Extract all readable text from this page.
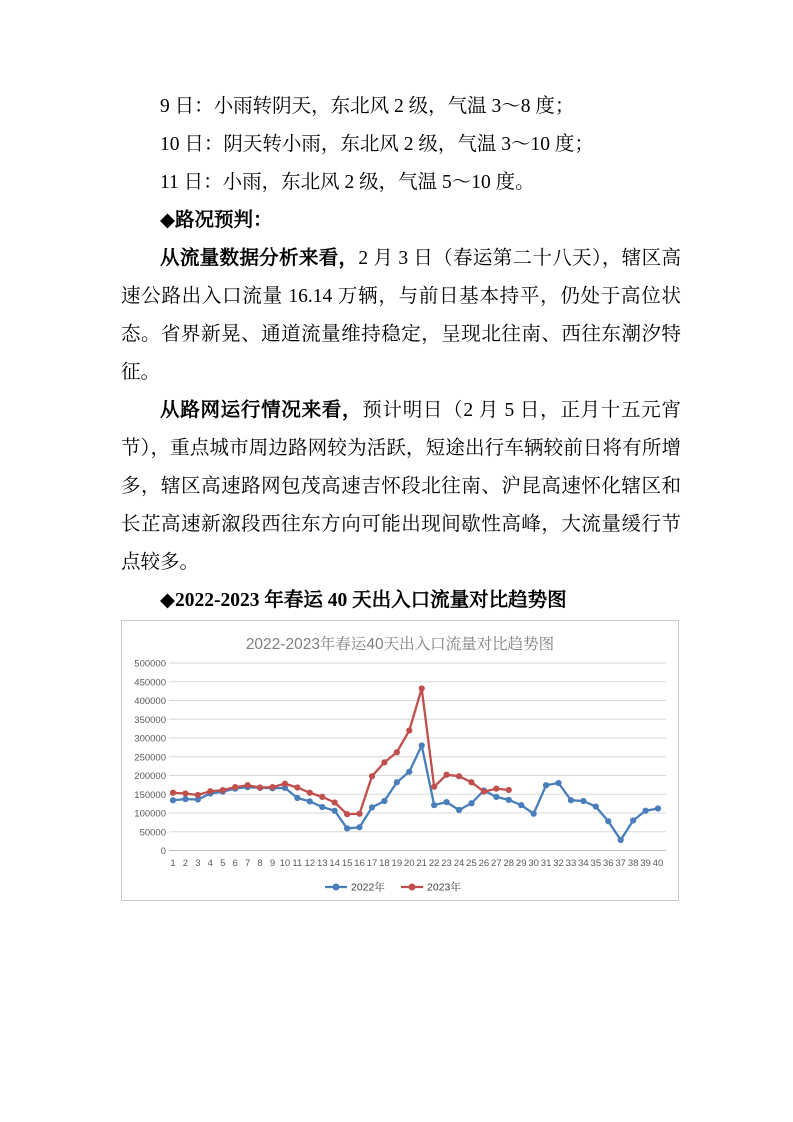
9 日：小雨转阴天，东北风 2 级，气温 3～8 度；

10 日：阴天转小雨，东北风 2 级，气温 3～10 度；

11 日：小雨，东北风 2 级，气温 5～10 度。

◆路况预判：

从流量数据分析来看，2 月 3 日（春运第二十八天），辖区高速公路出入口流量 16.14 万辆，与前日基本持平，仍处于高位状态。省界新晃、通道流量维持稳定，呈现北往南、西往东潮汐特征。

从路网运行情况来看，预计明日（2 月 5 日，正月十五元宵节），重点城市周边路网较为活跃，短途出行车辆较前日将有所增多，辖区高速路网包茂高速吉怀段北往南、沪昆高速怀化辖区和长芷高速新溆段西往东方向可能出现间歇性高峰，大流量缓行节点较多。

◆2022-2023 年春运 40 天出入口流量对比趋势图

2022-2023年春运40天出入口流量对比趋势图
0
50000
100000
150000
200000
250000
300000
350000
400000
450000
500000
1 2 3 4 5 6 7 8 9 10 11 12 13 14 15 16 17 18 19 20 21 22 23 24 25 26 27 28 29 30 31 32 33 34 35 36 37 38 39 40
2022年	2023年
